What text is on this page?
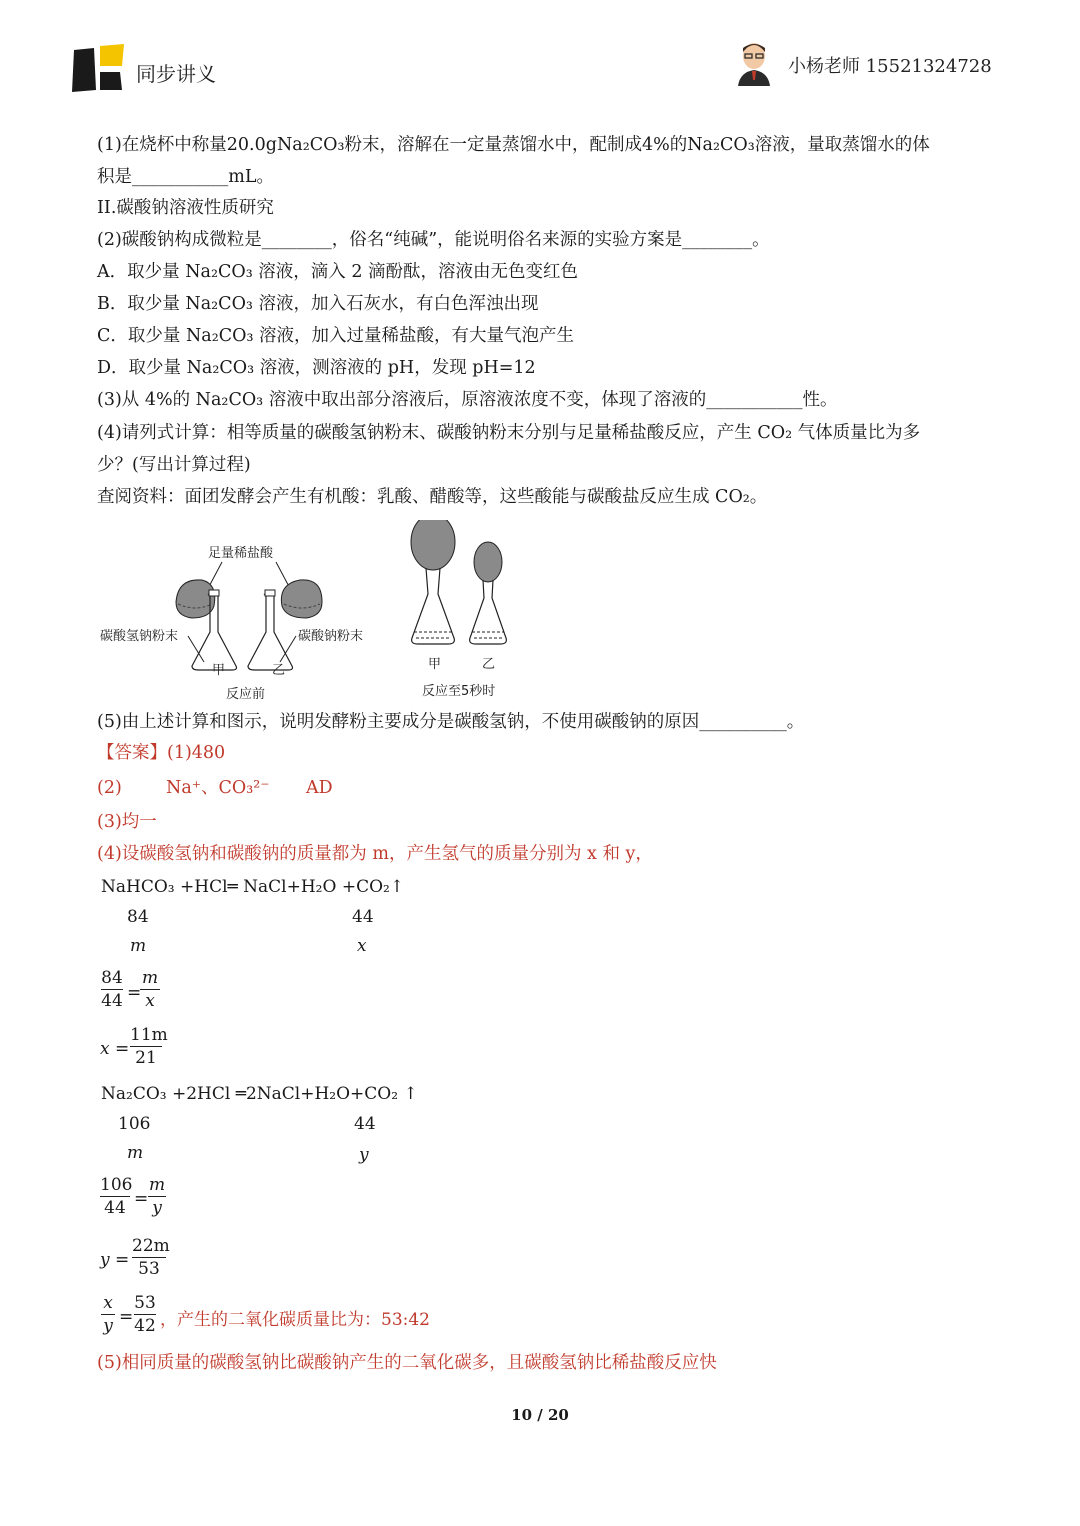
同步讲义	小杨老师 15521324728
(1)在烧杯中称量20.0gNa₂CO₃粉末，溶解在一定量蒸馏水中，配制成4%的Na₂CO₃溶液，量取蒸馏水的体
积是___________mL。
II.碳酸钠溶液性质研究
(2)碳酸钠构成微粒是________，俗名“纯碱”，能说明俗名来源的实验方案是________。
A．取少量 Na₂CO₃ 溶液，滴入 2 滴酚酞，溶液由无色变红色
B．取少量 Na₂CO₃ 溶液，加入石灰水，有白色浑浊出现
C．取少量 Na₂CO₃ 溶液，加入过量稀盐酸，有大量气泡产生
D．取少量 Na₂CO₃ 溶液，测溶液的 pH，发现 pH=12
(3)从 4%的 Na₂CO₃ 溶液中取出部分溶液后，原溶液浓度不变，体现了溶液的___________性。
(4)请列式计算：相等质量的碳酸氢钠粉末、碳酸钠粉末分别与足量稀盐酸反应，产生 CO₂ 气体质量比为多
少？(写出计算过程)
查阅资料：面团发酵会产生有机酸：乳酸、醋酸等，这些酸能与碳酸盐反应生成 CO₂。
足量稀盐酸
碳酸氢钠粉末	碳酸钠粉末
甲	乙
反应前
甲	乙
反应至5秒时
(5)由上述计算和图示，说明发酵粉主要成分是碳酸氢钠，不使用碳酸钠的原因__________。
【答案】(1)480
(2)	Na⁺、CO₃²⁻ AD
(3)均一
(4)设碳酸氢钠和碳酸钠的质量都为 m，产生氢气的质量分别为 x 和 y，
NaHCO₃ +HCl═ NaCl+H₂O +CO₂↑
84	44
m	x
84
44 =
m
x
x =
11m
21
Na₂CO₃ +2HCl ═2NaCl+H₂O+CO₂ ↑
106	44
m	y
106
44 =
m
y
y =
22m
53
x
y =
53
42 ，产生的二氧化碳质量比为：53:42
(5)相同质量的碳酸氢钠比碳酸钠产生的二氧化碳多，且碳酸氢钠比稀盐酸反应快
10 / 20
